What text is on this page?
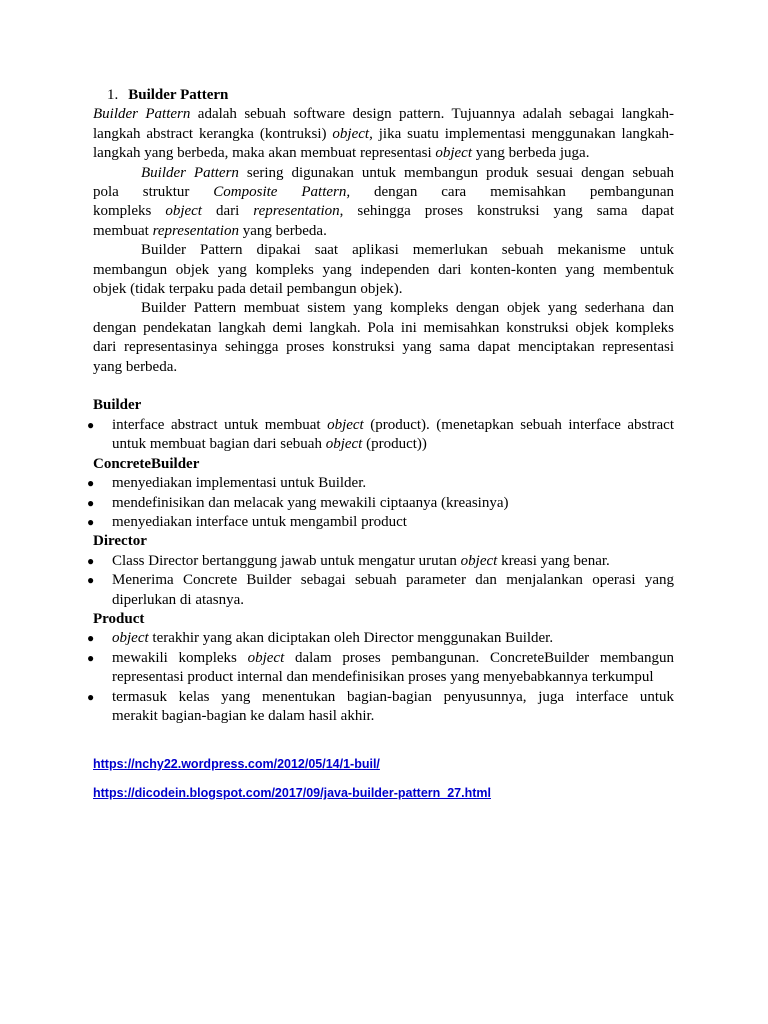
1. Builder Pattern
Builder Pattern adalah sebuah software design pattern. Tujuannya adalah sebagai langkah-
langkah abstract kerangka (kontruksi) object, jika suatu implementasi menggunakan langkah-
langkah yang berbeda, maka akan membuat representasi object yang berbeda juga.
Builder Pattern sering digunakan untuk membangun produk sesuai dengan sebuah
pola struktur Composite Pattern, dengan cara memisahkan pembangunan
kompleks object dari representation, sehingga proses konstruksi yang sama dapat
membuat representation yang berbeda.
Builder Pattern dipakai saat aplikasi memerlukan sebuah mekanisme untuk
membangun objek yang kompleks yang independen dari konten-konten yang membentuk
objek (tidak terpaku pada detail pembangun objek).
Builder Pattern membuat sistem yang kompleks dengan objek yang sederhana dan
dengan pendekatan langkah demi langkah. Pola ini memisahkan konstruksi objek kompleks
dari representasinya sehingga proses konstruksi yang sama dapat menciptakan representasi
yang berbeda.
Builder
● interface abstract untuk membuat object (product). (menetapkan sebuah interface abstract
untuk membuat bagian dari sebuah object (product))
ConcreteBuilder
● menyediakan implementasi untuk Builder.
● mendefinisikan dan melacak yang mewakili ciptaanya (kreasinya)
● menyediakan interface untuk mengambil product
Director
● Class Director bertanggung jawab untuk mengatur urutan object kreasi yang benar.
● Menerima Concrete Builder sebagai sebuah parameter dan menjalankan operasi yang
diperlukan di atasnya.
Product
● object terakhir yang akan diciptakan oleh Director menggunakan Builder.
● mewakili kompleks object dalam proses pembangunan. ConcreteBuilder membangun
representasi product internal dan mendefinisikan proses yang menyebabkannya terkumpul
● termasuk kelas yang menentukan bagian-bagian penyusunnya, juga interface untuk
merakit bagian-bagian ke dalam hasil akhir.
https://nchy22.wordpress.com/2012/05/14/1-buil/
https://dicodein.blogspot.com/2017/09/java-builder-pattern_27.html
